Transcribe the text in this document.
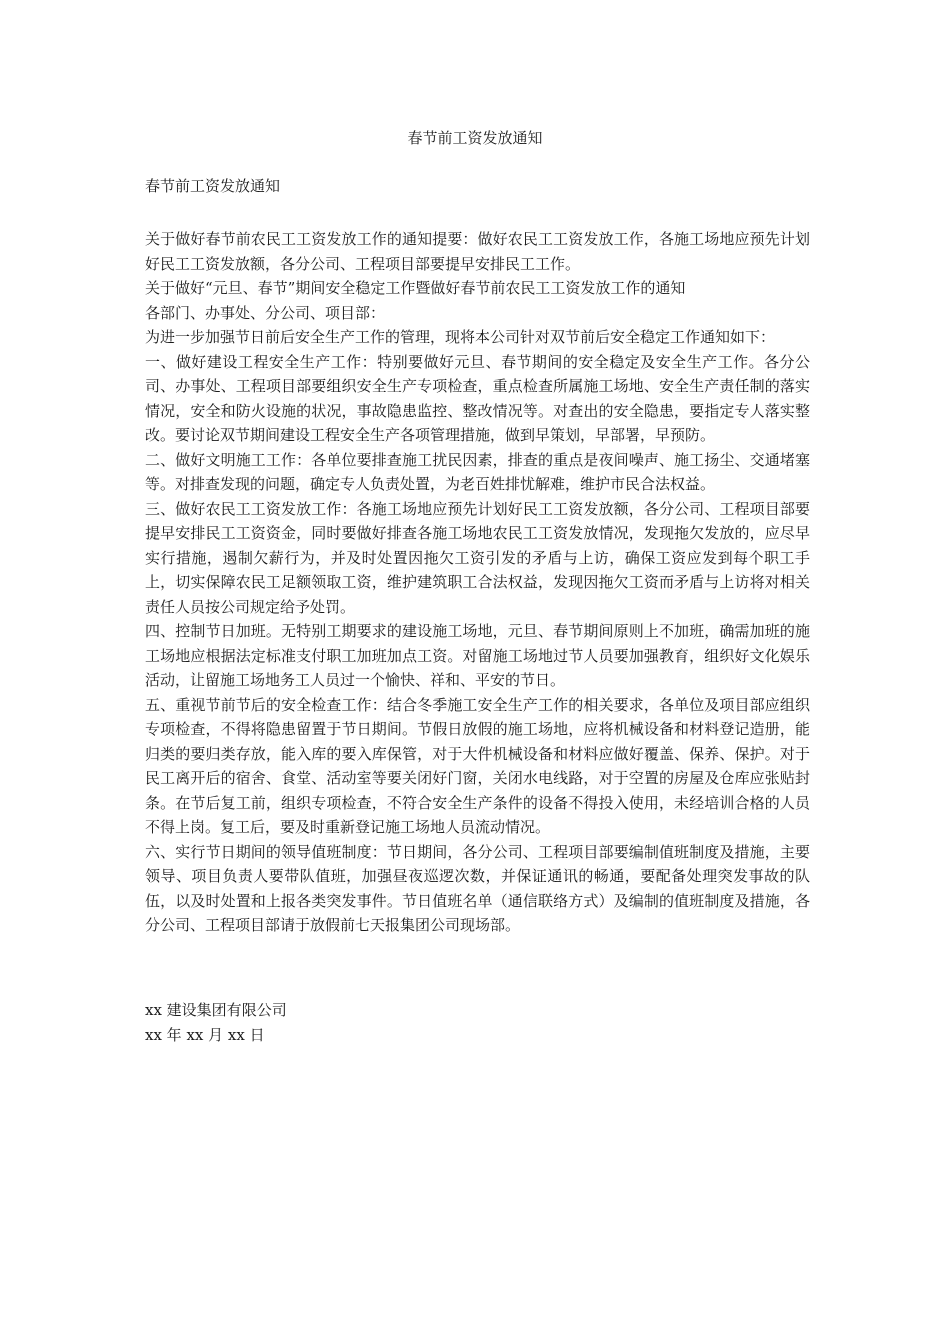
春节前工资发放通知
春节前工资发放通知

关于做好春节前农民工工资发放工作的通知提要：做好农民工工资发放工作，各施工场地应预先计划好民工工资发放额，各分公司、工程项目部要提早安排民工工作。

关于做好“元旦、春节”期间安全稳定工作暨做好春节前农民工工资发放工作的通知

各部门、办事处、分公司、项目部：

为进一步加强节日前后安全生产工作的管理，现将本公司针对双节前后安全稳定工作通知如下：

一、做好建设工程安全生产工作：特别要做好元旦、春节期间的安全稳定及安全生产工作。各分公司、办事处、工程项目部要组织安全生产专项检查，重点检查所属施工场地、安全生产责任制的落实情况，安全和防火设施的状况，事故隐患监控、整改情况等。对查出的安全隐患，要指定专人落实整改。要讨论双节期间建设工程安全生产各项管理措施，做到早策划，早部署，早预防。

二、做好文明施工工作：各单位要排查施工扰民因素，排查的重点是夜间噪声、施工扬尘、交通堵塞等。对排查发现的问题，确定专人负责处置，为老百姓排忧解难，维护市民合法权益。

三、做好农民工工资发放工作：各施工场地应预先计划好民工工资发放额，各分公司、工程项目部要提早安排民工工资资金，同时要做好排查各施工场地农民工工资发放情况，发现拖欠发放的，应尽早实行措施，遏制欠薪行为，并及时处置因拖欠工资引发的矛盾与上访，确保工资应发到每个职工手上，切实保障农民工足额领取工资，维护建筑职工合法权益，发现因拖欠工资而矛盾与上访将对相关责任人员按公司规定给予处罚。

四、控制节日加班。无特别工期要求的建设施工场地，元旦、春节期间原则上不加班，确需加班的施工场地应根据法定标准支付职工加班加点工资。对留施工场地过节人员要加强教育，组织好文化娱乐活动，让留施工场地务工人员过一个愉快、祥和、平安的节日。

五、重视节前节后的安全检查工作：结合冬季施工安全生产工作的相关要求，各单位及项目部应组织专项检查，不得将隐患留置于节日期间。节假日放假的施工场地，应将机械设备和材料登记造册，能归类的要归类存放，能入库的要入库保管，对于大件机械设备和材料应做好覆盖、保养、保护。对于民工离开后的宿舍、食堂、活动室等要关闭好门窗，关闭水电线路，对于空置的房屋及仓库应张贴封条。在节后复工前，组织专项检查，不符合安全生产条件的设备不得投入使用，未经培训合格的人员不得上岗。复工后，要及时重新登记施工场地人员流动情况。

六、实行节日期间的领导值班制度：节日期间，各分公司、工程项目部要编制值班制度及措施，主要领导、项目负责人要带队值班，加强昼夜巡逻次数，并保证通讯的畅通，要配备处理突发事故的队伍，以及时处置和上报各类突发事件。节日值班名单（通信联络方式）及编制的值班制度及措施，各分公司、工程项目部请于放假前七天报集团公司现场部。

xx 建设集团有限公司

xx 年 xx 月 xx 日
